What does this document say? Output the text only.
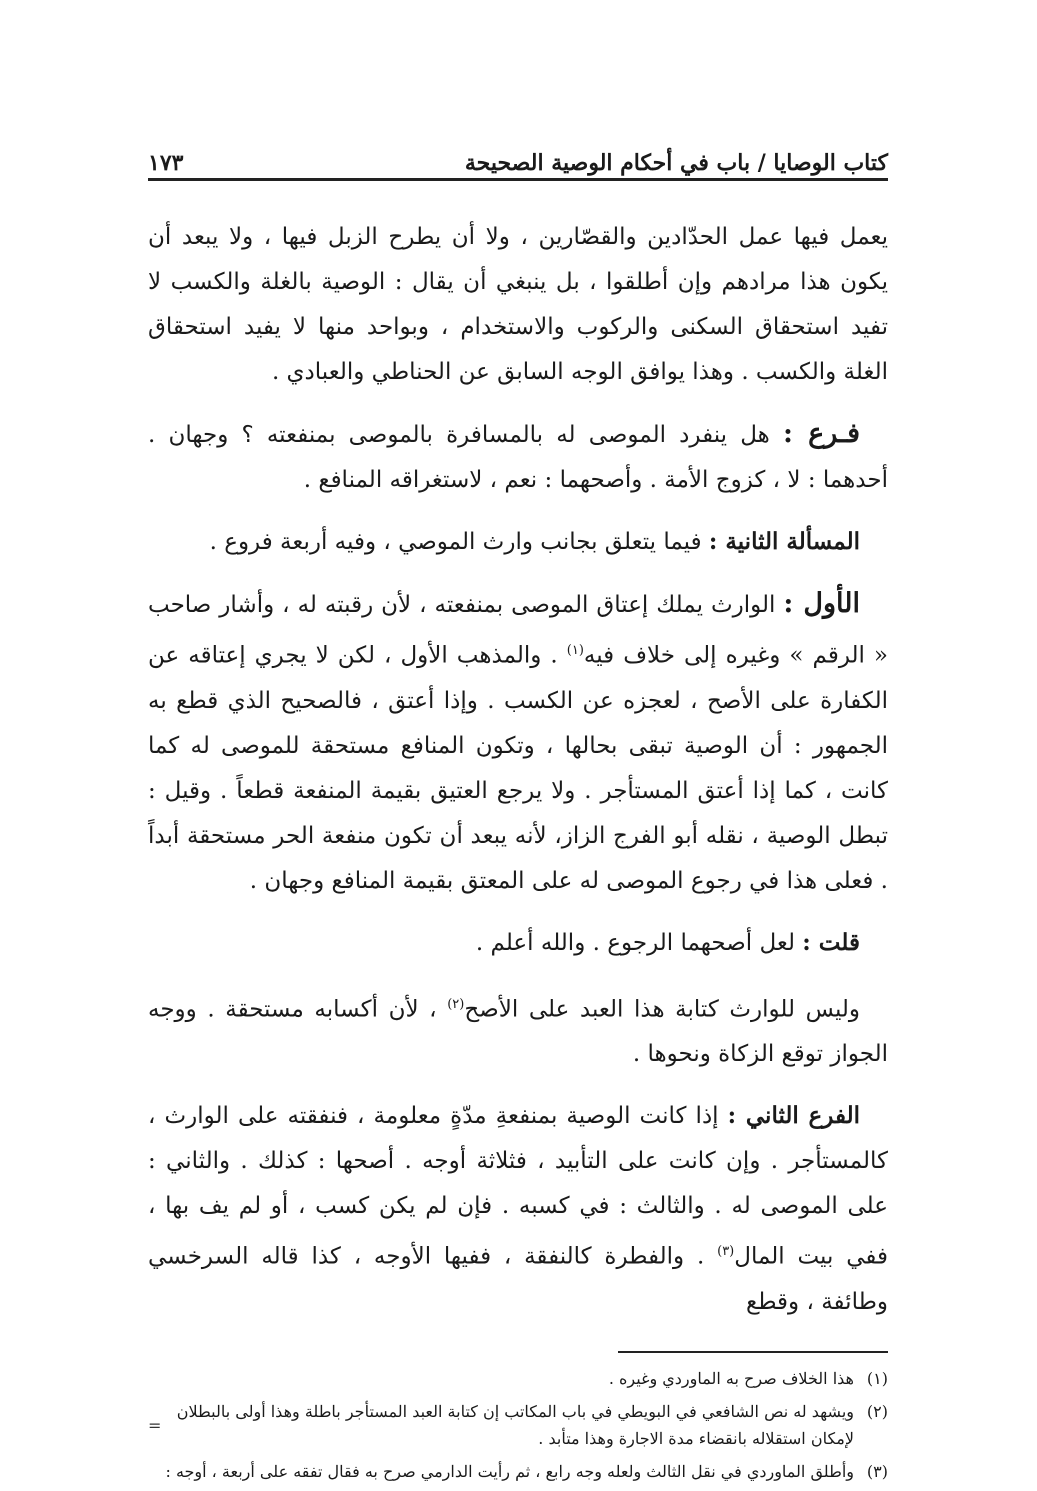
كتاب الوصايا / باب في أحكام الوصية الصحيحة
١٧٣

يعمل فيها عمل الحدّادين والقصّارين ، ولا أن يطرح الزبل فيها ، ولا يبعد أن يكون هذا مرادهم وإن أطلقوا ، بل ينبغي أن يقال : الوصية بالغلة والكسب لا تفيد استحقاق السكنى والركوب والاستخدام ، وبواحد منها لا يفيد استحقاق الغلة والكسب . وهذا يوافق الوجه السابق عن الحناطي والعبادي .

فـرع : هل ينفرد الموصى له بالمسافرة بالموصى بمنفعته ؟ وجهان . أحدهما : لا ، كزوج الأمة . وأصحهما : نعم ، لاستغراقه المنافع .

المسألة الثانية : فيما يتعلق بجانب وارث الموصي ، وفيه أربعة فروع .

الأول : الوارث يملك إعتاق الموصى بمنفعته ، لأن رقبته له ، وأشار صاحب « الرقم » وغيره إلى خلاف فيه$^{(١)}$ . والمذهب الأول ، لكن لا يجري إعتاقه عن الكفارة على الأصح ، لعجزه عن الكسب . وإذا أعتق ، فالصحيح الذي قطع به الجمهور : أن الوصية تبقى بحالها ، وتكون المنافع مستحقة للموصى له كما كانت ، كما إذا أعتق المستأجر . ولا يرجع العتيق بقيمة المنفعة قطعاً . وقيل : تبطل الوصية ، نقله أبو الفرج الزاز، لأنه يبعد أن تكون منفعة الحر مستحقة أبداً . فعلى هذا في رجوع الموصى له على المعتق بقيمة المنافع وجهان .

قلت : لعل أصحهما الرجوع . والله أعلم .

وليس للوارث كتابة هذا العبد على الأصح$^{(٢)}$ ، لأن أكسابه مستحقة . ووجه الجواز توقع الزكاة ونحوها .

الفرع الثاني : إذا كانت الوصية بمنفعةِ مدّةٍ معلومة ، فنفقته على الوارث ، كالمستأجر . وإن كانت على التأبيد ، فثلاثة أوجه . أصحها : كذلك . والثاني : على الموصى له . والثالث : في كسبه . فإن لم يكن كسب ، أو لم يف بها ، ففي بيت المال$^{(٣)}$ . والفطرة كالنفقة ، ففيها الأوجه ، كذا قاله السرخسي وطائفة ، وقطع

(١)
هذا الخلاف صرح به الماوردي وغيره .
(٢)
ويشهد له نص الشافعي في البويطي في باب المكاتب إن كتابة العبد المستأجر باطلة وهذا أولى بالبطلان لإمكان استقلاله بانقضاء مدة الاجارة وهذا متأبد .
(٣)
وأطلق الماوردي في نقل الثالث ولعله وجه رابع ، ثم رأيت الدارمي صرح به فقال تفقه على أربعة ، أوجه :
=
